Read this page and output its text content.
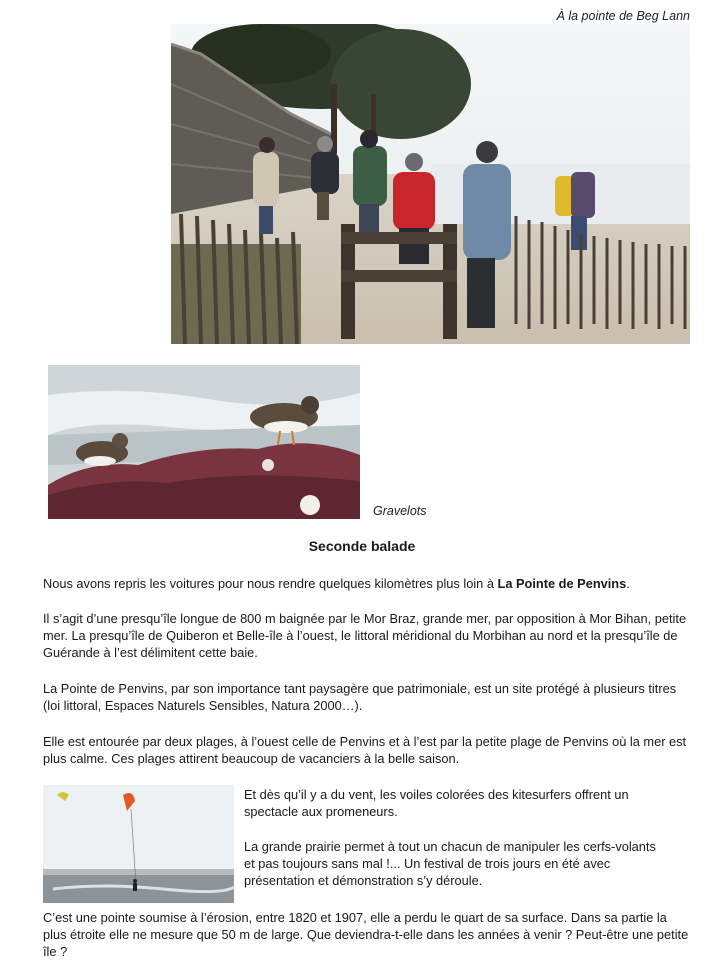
À la pointe de Beg Lann
Gravelots
Seconde balade
Nous avons repris les voitures pour nous rendre quelques kilomètres plus loin à La Pointe de Penvins.
Il s’agit d’une presqu’île longue de 800 m baignée par le Mor Braz, grande mer, par opposition à Mor Bihan, petite mer. La presqu’île de Quiberon et Belle-île à l’ouest, le littoral méridional du Morbihan au nord et la presqu’île de Guérande à l’est délimitent cette baie.
La Pointe de Penvins, par son importance tant paysagère que patrimoniale, est un site protégé à plusieurs titres (loi littoral, Espaces Naturels Sensibles, Natura 2000…).
Elle est entourée par deux plages, à l’ouest celle de Penvins et à l’est par la petite plage de Penvins où la mer est plus calme. Ces plages attirent beaucoup de vacanciers à la belle saison.
Et dès qu’il y a du vent, les voiles colorées des kitesurfers offrent un spectacle aux promeneurs.
La grande prairie permet à tout un chacun de manipuler les cerfs-volants et pas toujours sans mal !... Un festival de trois jours en été avec présentation et démonstration s’y déroule.
C’est une pointe soumise à l’érosion, entre 1820 et 1907, elle a perdu le quart de sa surface. Dans sa partie la plus étroite elle ne mesure que 50 m de large. Que deviendra-t-elle dans les années à venir ? Peut-être une petite île ?
